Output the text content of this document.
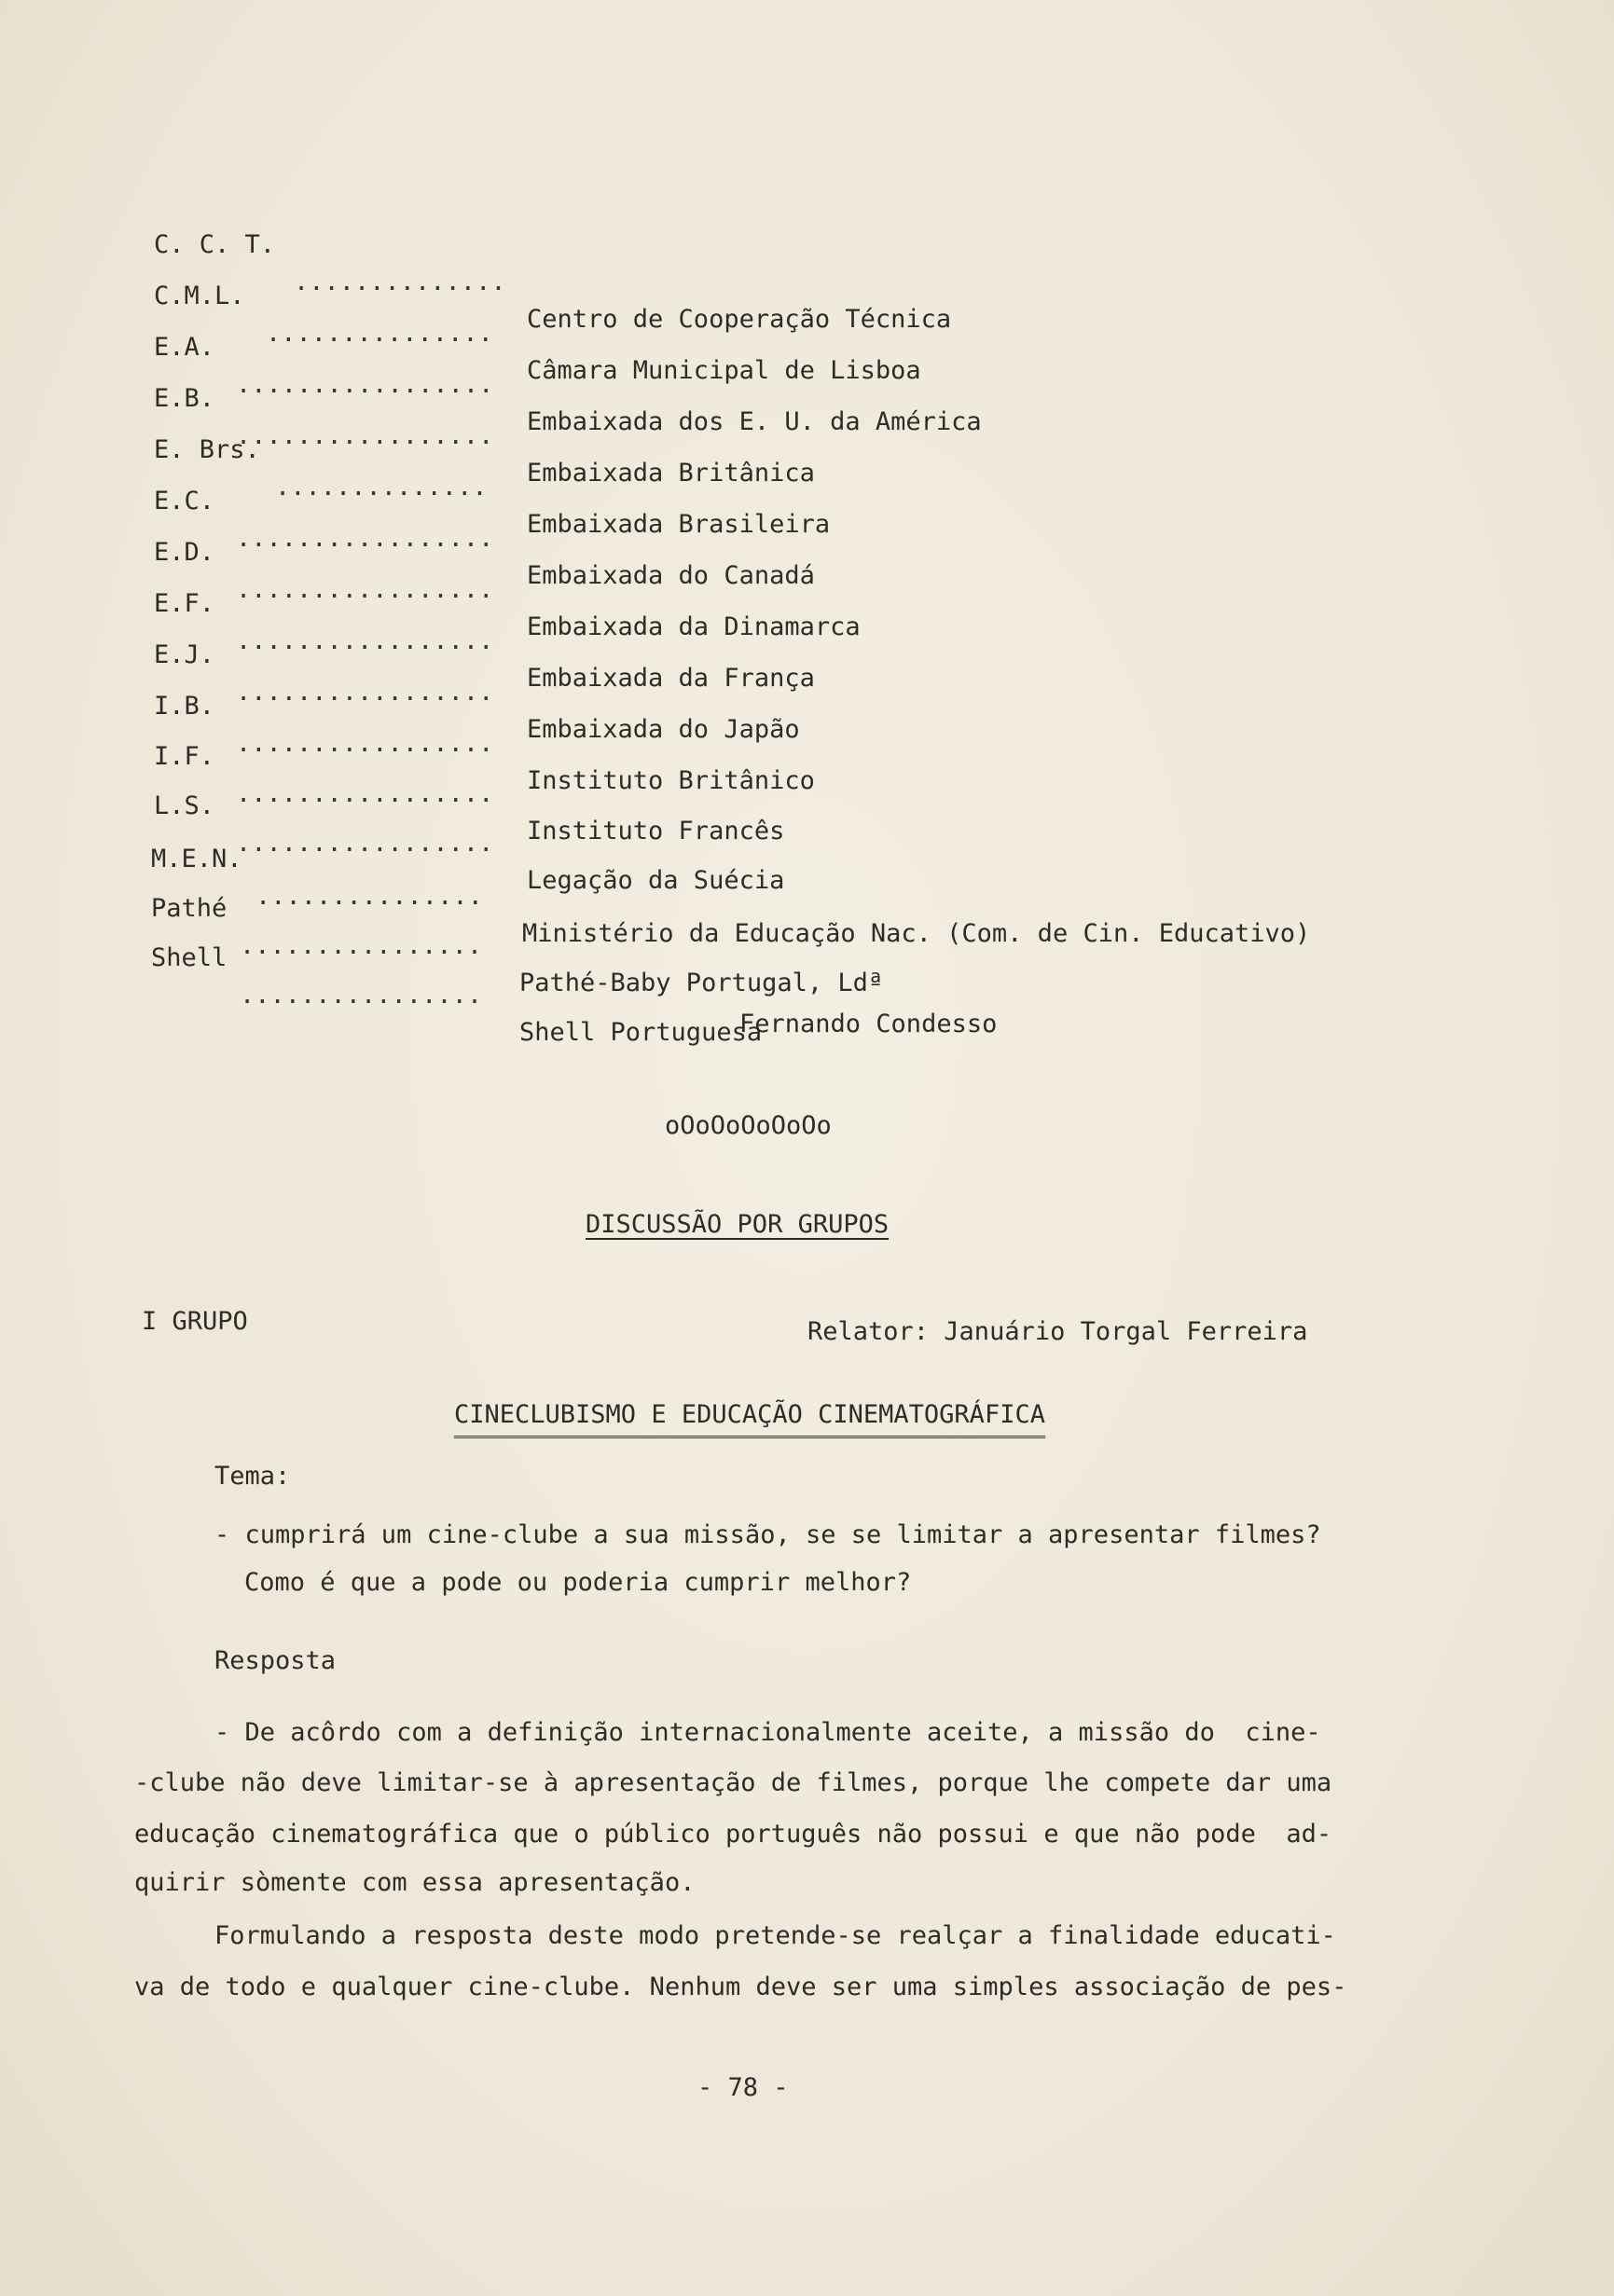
C. C. T.

..............

Centro de Cooperação Técnica

C.M.L.

...............

Câmara Municipal de Lisboa

E.A.

.................

Embaixada dos E. U. da América

E.B.

.................

Embaixada Britânica

E. Brs.

..............

Embaixada Brasileira

E.C.

.................

Embaixada do Canadá

E.D.

.................

Embaixada da Dinamarca

E.F.

.................

Embaixada da França

E.J.

.................

Embaixada do Japão

I.B.

.................

Instituto Britânico

I.F.

.................

Instituto Francês

L.S.

.................

Legação da Suécia

M.E.N.

...............

Ministério da Educação Nac. (Com. de Cin. Educativo)

Pathé

................

Pathé-Baby Portugal, Ldª

Shell

................

Shell Portuguesa

Fernando Condesso
oOoOoOoOoOo
DISCUSSÃO POR GRUPOS
I GRUPO	Relator: Januário Torgal Ferreira
CINECLUBISMO E EDUCAÇÃO CINEMATOGRÁFICA
Tema:
- cumprirá um cine-clube a sua missão, se se limitar a apresentar filmes?
Como é que a pode ou poderia cumprir melhor?
Resposta
- De acôrdo com a definição internacionalmente aceite, a missão do  cine-
-clube não deve limitar-se à apresentação de filmes, porque lhe compete dar uma
educação cinematográfica que o público português não possui e que não pode  ad-
quirir sòmente com essa apresentação.
Formulando a resposta deste modo pretende-se realçar a finalidade educati-
va de todo e qualquer cine-clube. Nenhum deve ser uma simples associação de pes-
- 78 -
